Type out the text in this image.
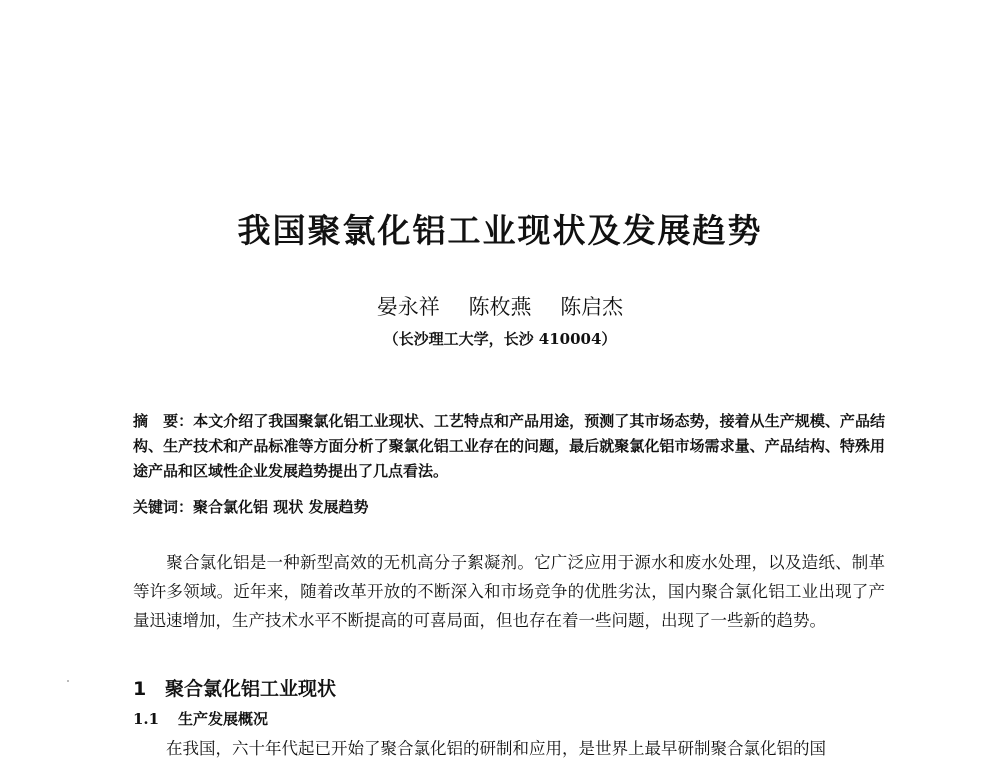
我国聚氯化铝工业现状及发展趋势
晏永祥 陈枚燕 陈启杰
（长沙理工大学，长沙 410004）
摘　要：本文介绍了我国聚氯化铝工业现状、工艺特点和产品用途，预测了其市场态势，接着从生产规模、产品结构、生产技术和产品标准等方面分析了聚氯化铝工业存在的问题，最后就聚氯化铝市场需求量、产品结构、特殊用途产品和区域性企业发展趋势提出了几点看法。
关键词：聚合氯化铝 现状 发展趋势
聚合氯化铝是一种新型高效的无机高分子絮凝剂。它广泛应用于源水和废水处理，以及造纸、制革等许多领域。近年来，随着改革开放的不断深入和市场竞争的优胜劣汰，国内聚合氯化铝工业出现了产量迅速增加，生产技术水平不断提高的可喜局面，但也存在着一些问题，出现了一些新的趋势。
1 聚合氯化铝工业现状
1.1 生产发展概况
在我国，六十年代起已开始了聚合氯化铝的研制和应用，是世界上最早研制聚合氯化铝的国
